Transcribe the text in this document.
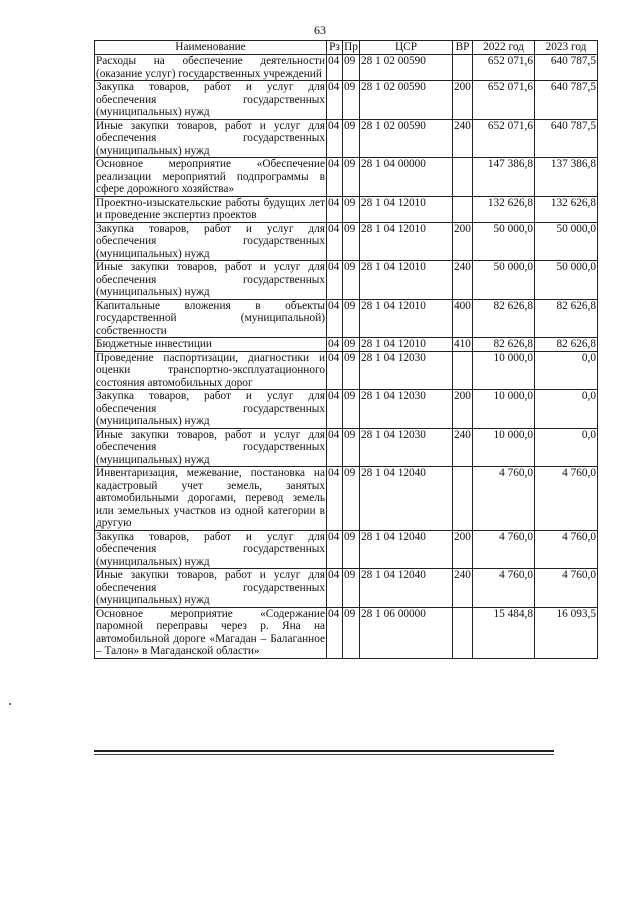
63
Наименование	Рз	Пр	ЦСР	ВР	2022 год	2023 год
Расходы на обеспечение деятельности (оказание услуг) государственных учреждений	04	09	28 1 02 00590		652 071,6	640 787,5
Закупка товаров, работ и услуг для обеспечения государственных (муниципальных) нужд	04	09	28 1 02 00590	200	652 071,6	640 787,5
Иные закупки товаров, работ и услуг для обеспечения государственных (муниципальных) нужд	04	09	28 1 02 00590	240	652 071,6	640 787,5
Основное мероприятие «Обеспечение реализации мероприятий подпрограммы в сфере дорожного хозяйства»	04	09	28 1 04 00000		147 386,8	137 386,8
Проектно-изыскательские работы будущих лет и проведение экспертиз проектов	04	09	28 1 04 12010		132 626,8	132 626,8
Закупка товаров, работ и услуг для обеспечения государственных (муниципальных) нужд	04	09	28 1 04 12010	200	50 000,0	50 000,0
Иные закупки товаров, работ и услуг для обеспечения государственных (муниципальных) нужд	04	09	28 1 04 12010	240	50 000,0	50 000,0
Капитальные вложения в объекты государственной (муниципальной) собственности	04	09	28 1 04 12010	400	82 626,8	82 626,8
Бюджетные инвестиции	04	09	28 1 04 12010	410	82 626,8	82 626,8
Проведение паспортизации, диагностики и оценки транспортно-эксплуатационного состояния автомобильных дорог	04	09	28 1 04 12030		10 000,0	0,0
Закупка товаров, работ и услуг для обеспечения государственных (муниципальных) нужд	04	09	28 1 04 12030	200	10 000,0	0,0
Иные закупки товаров, работ и услуг для обеспечения государственных (муниципальных) нужд	04	09	28 1 04 12030	240	10 000,0	0,0
Инвентаризация, межевание, постановка на кадастровый учет земель, занятых автомобильными дорогами, перевод земель или земельных участков из одной категории в другую	04	09	28 1 04 12040		4 760,0	4 760,0
Закупка товаров, работ и услуг для обеспечения государственных (муниципальных) нужд	04	09	28 1 04 12040	200	4 760,0	4 760,0
Иные закупки товаров, работ и услуг для обеспечения государственных (муниципальных) нужд	04	09	28 1 04 12040	240	4 760,0	4 760,0
Основное мероприятие «Содержание паромной переправы через р. Яна на автомобильной дороге «Магадан – Балаганное – Талон» в Магаданской области»	04	09	28 1 06 00000		15 484,8	16 093,5
